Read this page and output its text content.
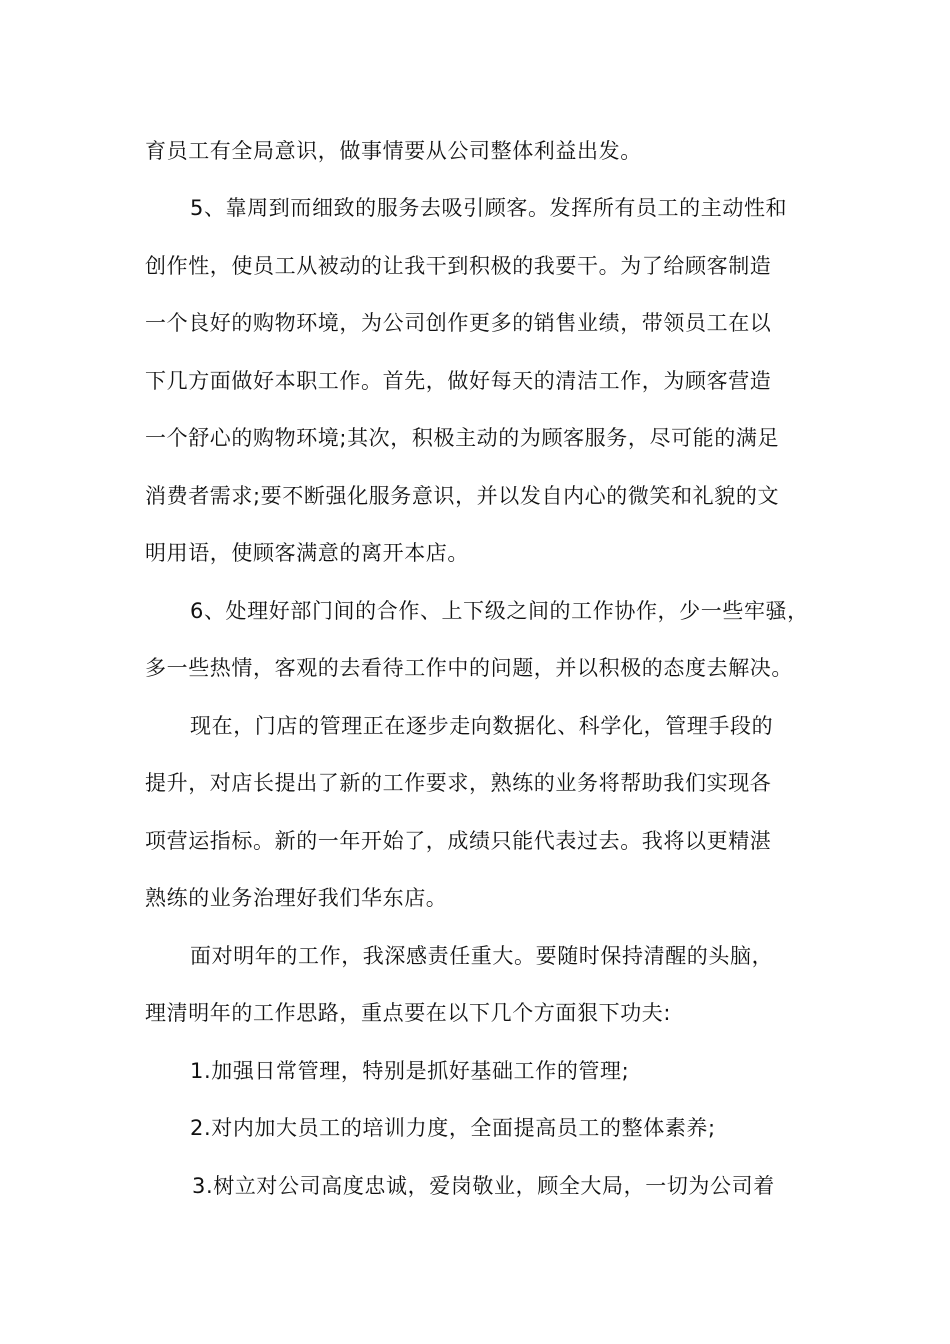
育员工有全局意识，做事情要从公司整体利益出发。
5、靠周到而细致的服务去吸引顾客。发挥所有员工的主动性和
创作性，使员工从被动的让我干到积极的我要干。为了给顾客制造
一个良好的购物环境，为公司创作更多的销售业绩，带领员工在以
下几方面做好本职工作。首先，做好每天的清洁工作，为顾客营造
一个舒心的购物环境;其次，积极主动的为顾客服务，尽可能的满足
消费者需求;要不断强化服务意识，并以发自内心的微笑和礼貌的文
明用语，使顾客满意的离开本店。
6、处理好部门间的合作、上下级之间的工作协作，少一些牢骚，
多一些热情，客观的去看待工作中的问题，并以积极的态度去解决。
现在，门店的管理正在逐步走向数据化、科学化，管理手段的
提升，对店长提出了新的工作要求，熟练的业务将帮助我们实现各
项营运指标。新的一年开始了，成绩只能代表过去。我将以更精湛
熟练的业务治理好我们华东店。
面对明年的工作，我深感责任重大。要随时保持清醒的头脑，
理清明年的工作思路，重点要在以下几个方面狠下功夫:
1.加强日常管理，特别是抓好基础工作的管理;
2.对内加大员工的培训力度，全面提高员工的整体素养;
3.树立对公司高度忠诚，爱岗敬业，顾全大局，一切为公司着
